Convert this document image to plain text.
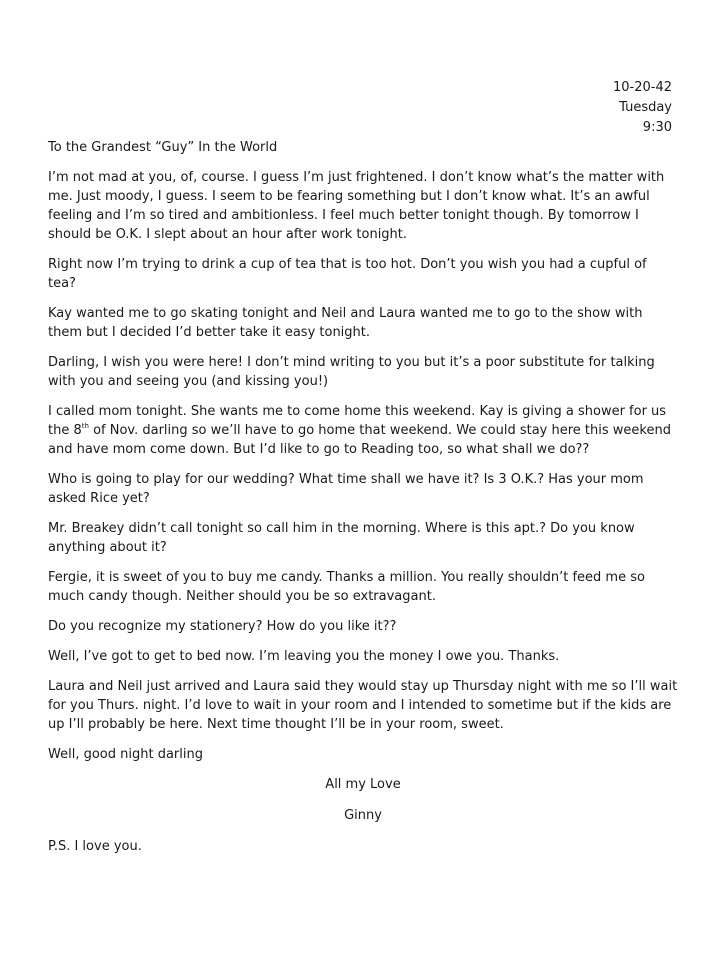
10-20-42
Tuesday
9:30

To the Grandest “Guy” In the World

I’m not mad at you, of, course. I guess I’m just frightened. I don’t know what’s the matter with me. Just moody, I guess. I seem to be fearing something but I don’t know what. It’s an awful feeling and I’m so tired and ambitionless. I feel much better tonight though. By tomorrow I should be O.K. I slept about an hour after work tonight.

Right now I’m trying to drink a cup of tea that is too hot. Don’t you wish you had a cupful of tea?

Kay wanted me to go skating tonight and Neil and Laura wanted me to go to the show with them but I decided I’d better take it easy tonight.

Darling, I wish you were here! I don’t mind writing to you but it’s a poor substitute for talking with you and seeing you (and kissing you!)

I called mom tonight. She wants me to come home this weekend. Kay is giving a shower for us the 8th of Nov. darling so we’ll have to go home that weekend. We could stay here this weekend and have mom come down. But I’d like to go to Reading too, so what shall we do??

Who is going to play for our wedding? What time shall we have it? Is 3 O.K.? Has your mom asked Rice yet?

Mr. Breakey didn’t call tonight so call him in the morning. Where is this apt.? Do you know anything about it?

Fergie, it is sweet of you to buy me candy. Thanks a million. You really shouldn’t feed me so much candy though. Neither should you be so extravagant.

Do you recognize my stationery? How do you like it??

Well, I’ve got to get to bed now. I’m leaving you the money I owe you. Thanks.

Laura and Neil just arrived and Laura said they would stay up Thursday night with me so I’ll wait for you Thurs. night. I’d love to wait in your room and I intended to sometime but if the kids are up I’ll probably be here. Next time thought I’ll be in your room, sweet.

Well, good night darling

All my Love
Ginny

P.S. I love you.
